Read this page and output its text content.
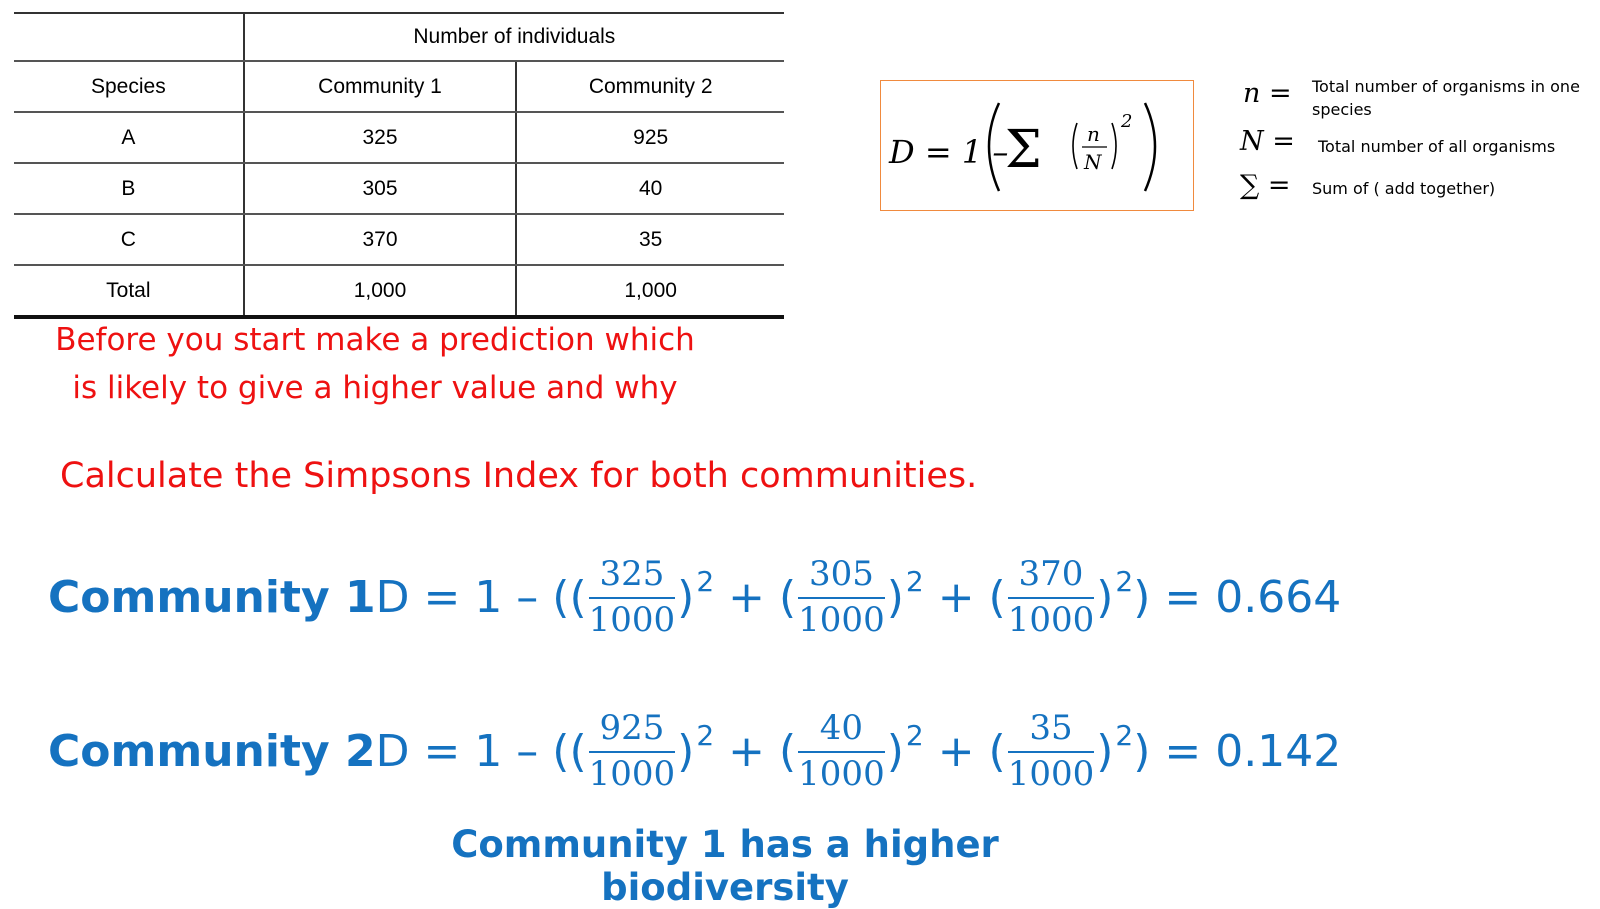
	Number of individuals	
Species	Community 1	Community 2
A	325	925
B	305	40
C	370	35
Total	1,000	1,000
Before you start make a prediction which
is likely to give a higher value and why
Calculate the Simpsons Index for both communities.
D = 1 –
Σ n
N
2
n = Total number of organisms in one
species
N = Total number of all organisms
∑ = Sum of ( add together)
Community 1 D = 1 – (( $\frac{325}{1000}$ ) 2 + ( $\frac{305}{1000}$ ) 2 + ( $\frac{370}{1000}$ ) 2 ) = 0.664
Community 2 D = 1 – (( $\frac{925}{1000}$ ) 2 + ( $\frac{40}{1000}$ ) 2 + ( $\frac{35}{1000}$ ) 2 ) = 0.142
Community 1 has a higher biodiversity
